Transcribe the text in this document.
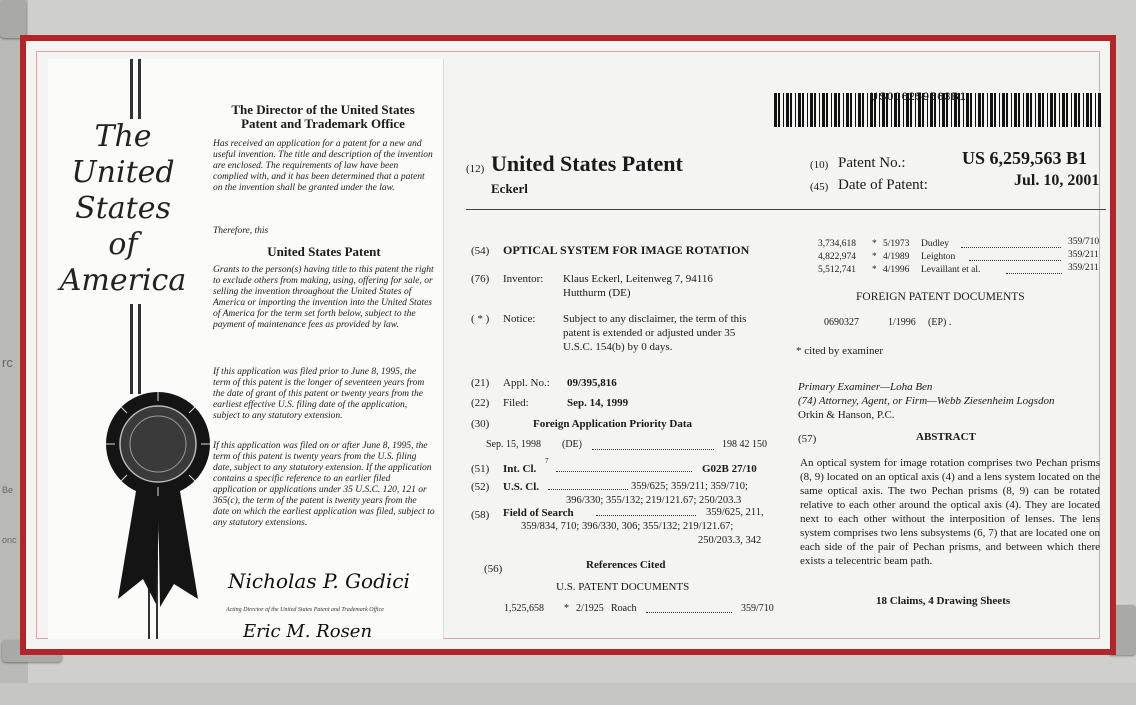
rc
Be
onc
The
United
States
of
America
The Director of the United States
Patent and Trademark Office
Has received an application for a patent for a new and useful invention. The title and description of the invention are enclosed. The requirements of law have been complied with, and it has been determined that a patent on the invention shall be granted under the law.
Therefore, this
United States Patent
Grants to the person(s) having title to this patent the right to exclude others from making, using, offering for sale, or selling the invention throughout the United States of America or importing the invention into the United States of America for the term set forth below, subject to the payment of maintenance fees as provided by law.
If this application was filed prior to June 8, 1995, the term of this patent is the longer of seventeen years from the date of grant of this patent or twenty years from the earliest effective U.S. filing date of the application, subject to any statutory extension.
If this application was filed on or after June 8, 1995, the term of this patent is twenty years from the U.S. filing date, subject to any statutory extension. If the application contains a specific reference to an earlier filed application or applications under 35 U.S.C. 120, 121 or 365(c), the term of the patent is twenty years from the date on which the earliest application was filed, subject to any statutory extensions.
Nicholas P. Godici
Acting Director of the United States Patent and Trademark Office
Eric M. Rosen
US006259563B1
(12) United States Patent
Eckerl
(10) Patent No.:	US 6,259,563 B1
(45) Date of Patent:	Jul. 10, 2001
(54) OPTICAL SYSTEM FOR IMAGE ROTATION
(76) Inventor: Klaus Eckerl, Leitenweg 7, 94116
Hutthurm (DE)
( * ) Notice:	Subject to any disclaimer, the term of this
patent is extended or adjusted under 35
U.S.C. 154(b) by 0 days.
(21) Appl. No.: 09/395,816
(22) Filed:	Sep. 14, 1999
(30)	Foreign Application Priority Data
Sep. 15, 1998 (DE)	198 42 150
(51) Int. Cl.
7
G02B 27/10
(52) U.S. Cl.	359/625; 359/211; 359/710;
396/330; 355/132; 219/121.67; 250/203.3
(58) Field of Search	359/625, 211,
359/834, 710; 396/330, 306; 355/132; 219/121.67;
250/203.3, 342
(56)	References Cited
U.S. PATENT DOCUMENTS
1,525,658 * 2/1925 Roach	359/710
3,734,618 * 5/1973 Dudley	359/710
4,822,974 * 4/1989 Leighton	359/211
5,512,741 * 4/1996 Levaillant et al.	359/211
FOREIGN PATENT DOCUMENTS
0690327	1/1996 (EP) .
* cited by examiner
Primary Examiner—Loha Ben
(74) Attorney, Agent, or Firm—Webb Ziesenheim Logsdon
Orkin & Hanson, P.C.
(57)	ABSTRACT
An optical system for image rotation comprises two Pechan prisms (8, 9) located on an optical axis (4) and a lens system located on the same optical axis. The two Pechan prisms (8, 9) can be rotated relative to each other around the optical axis (4). They are located next to each other without the interposition of lenses. The lens system comprises two lens subsystems (6, 7) that are located one on each side of the pair of Pechan prisms, and between which there exists a telecentric beam path.
18 Claims, 4 Drawing Sheets
